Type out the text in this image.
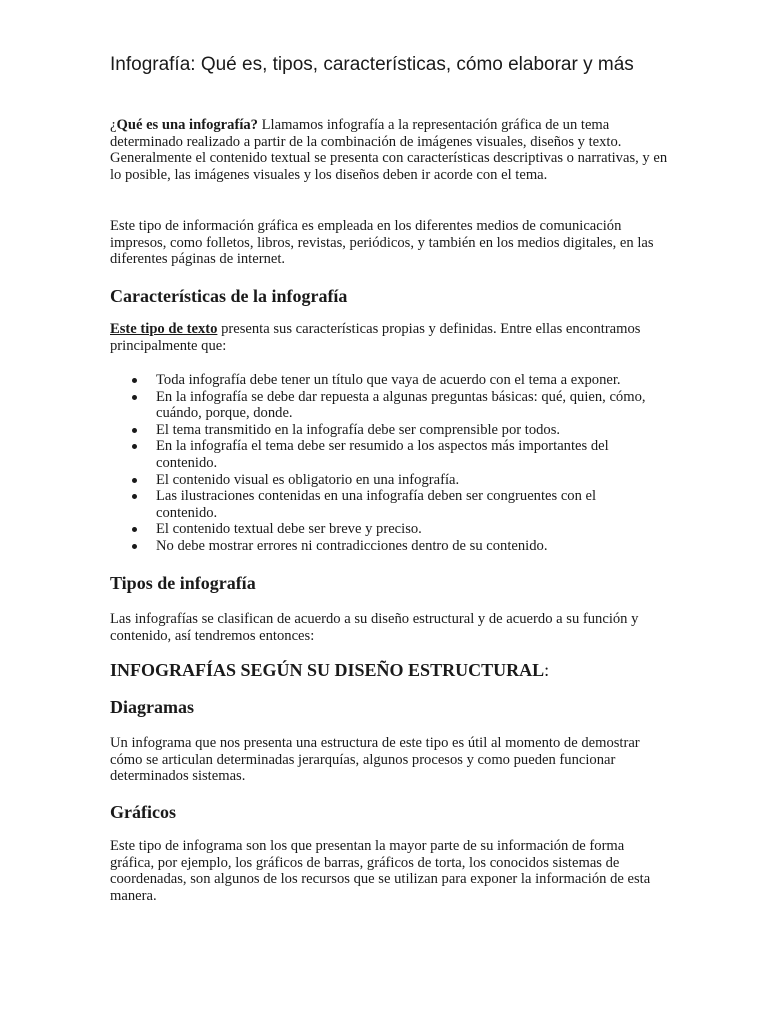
Infografía: Qué es, tipos, características, cómo elaborar y más

¿Qué es una infografía? Llamamos infografía a la representación gráfica de un tema determinado realizado a partir de la combinación de imágenes visuales, diseños y texto. Generalmente el contenido textual se presenta con características descriptivas o narrativas, y en lo posible, las imágenes visuales y los diseños deben ir acorde con el tema.

Este tipo de información gráfica es empleada en los diferentes medios de comunicación impresos, como folletos, libros, revistas, periódicos, y también en los medios digitales, en las diferentes páginas de internet.

Características de la infografía

Este tipo de texto presenta sus características propias y definidas. Entre ellas encontramos principalmente que:

Toda infografía debe tener un título que vaya de acuerdo con el tema a exponer.
En la infografía se debe dar repuesta a algunas preguntas básicas: qué, quien, cómo, cuándo, porque, donde.
El tema transmitido en la infografía debe ser comprensible por todos.
En la infografía el tema debe ser resumido a los aspectos más importantes del contenido.
El contenido visual es obligatorio en una infografía.
Las ilustraciones contenidas en una infografía deben ser congruentes con el contenido.
El contenido textual debe ser breve y preciso.
No debe mostrar errores ni contradicciones dentro de su contenido.
Tipos de infografía

Las infografías se clasifican de acuerdo a su diseño estructural y de acuerdo a su función y contenido, así tendremos entonces:

INFOGRAFÍAS SEGÚN SU DISEÑO ESTRUCTURAL:
Diagramas

Un infograma que nos presenta una estructura de este tipo es útil al momento de demostrar cómo se articulan determinadas jerarquías, algunos procesos y como pueden funcionar determinados sistemas.

Gráficos

Este tipo de infograma son los que presentan la mayor parte de su información de forma gráfica, por ejemplo, los gráficos de barras, gráficos de torta, los conocidos sistemas de coordenadas, son algunos de los recursos que se utilizan para exponer la información de esta manera.
